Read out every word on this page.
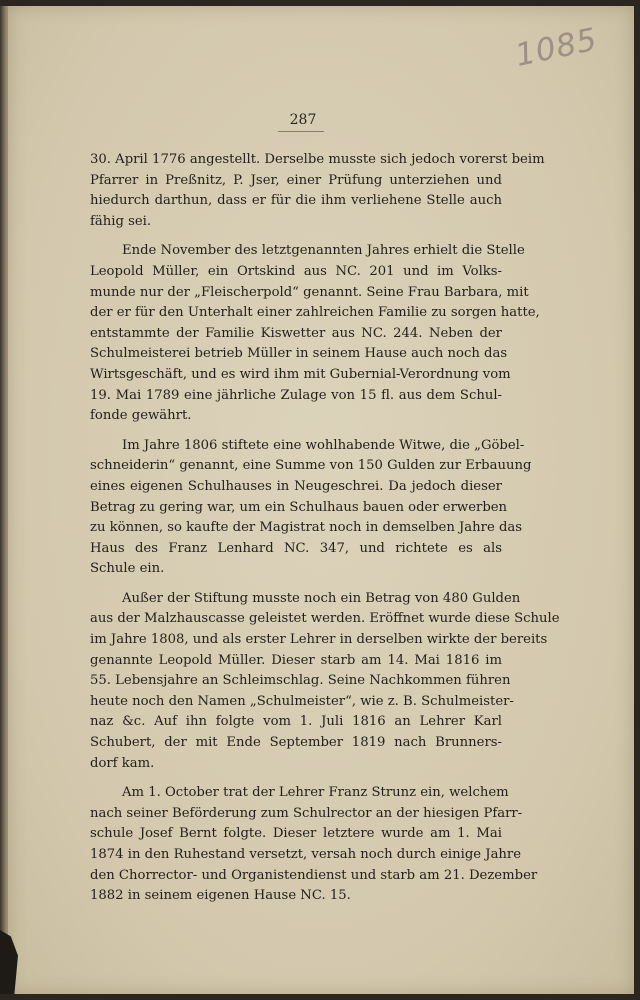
1085
287
30. April 1776 angestellt. Derselbe musste sich jedoch vorerst beim
Pfarrer in Preßnitz, P. Jser, einer Prüfung unterziehen und
hiedurch darthun, dass er für die ihm verliehene Stelle auch
fähig sei.
Ende November des letztgenannten Jahres erhielt die Stelle
Leopold Müller, ein Ortskind aus NC. 201 und im Volks-
munde nur der „Fleischerpold“ genannt. Seine Frau Barbara, mit
der er für den Unterhalt einer zahlreichen Familie zu sorgen hatte,
entstammte der Familie Kiswetter aus NC. 244. Neben der
Schulmeisterei betrieb Müller in seinem Hause auch noch das
Wirtsgeschäft, und es wird ihm mit Gubernial-Verordnung vom
19. Mai 1789 eine jährliche Zulage von 15 fl. aus dem Schul-
fonde gewährt.
Im Jahre 1806 stiftete eine wohlhabende Witwe, die „Göbel-
schneiderin“ genannt, eine Summe von 150 Gulden zur Erbauung
eines eigenen Schulhauses in Neugeschrei. Da jedoch dieser
Betrag zu gering war, um ein Schulhaus bauen oder erwerben
zu können, so kaufte der Magistrat noch in demselben Jahre das
Haus des Franz Lenhard NC. 347, und richtete es als
Schule ein.
Außer der Stiftung musste noch ein Betrag von 480 Gulden
aus der Malzhauscasse geleistet werden. Eröffnet wurde diese Schule
im Jahre 1808, und als erster Lehrer in derselben wirkte der bereits
genannte Leopold Müller. Dieser starb am 14. Mai 1816 im
55. Lebensjahre an Schleimschlag. Seine Nachkommen führen
heute noch den Namen „Schulmeister“, wie z. B. Schulmeister-
naz &c. Auf ihn folgte vom 1. Juli 1816 an Lehrer Karl
Schubert, der mit Ende September 1819 nach Brunners-
dorf kam.
Am 1. October trat der Lehrer Franz Strunz ein, welchem
nach seiner Beförderung zum Schulrector an der hiesigen Pfarr-
schule Josef Bernt folgte. Dieser letztere wurde am 1. Mai
1874 in den Ruhestand versetzt, versah noch durch einige Jahre
den Chorrector- und Organistendienst und starb am 21. Dezember
1882 in seinem eigenen Hause NC. 15.
